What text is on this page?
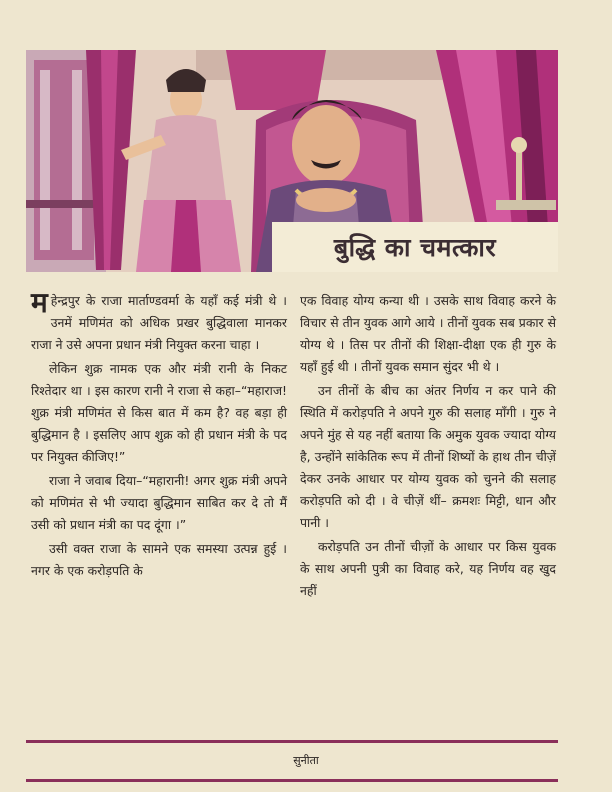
बुद्धि का चमत्कार

महेन्द्रपुर के राजा मार्ताण्डवर्मा के यहाँ कई मंत्री थे । उनमें मणिमंत को अधिक प्रखर बुद्धिवाला मानकर राजा ने उसे अपना प्रधान मंत्री नियुक्त करना चाहा ।

लेकिन शुक्र नामक एक और मंत्री रानी के निकट रिश्तेदार था । इस कारण रानी ने राजा से कहा–“महाराज! शुक्र मंत्री मणिमंत से किस बात में कम है? वह बड़ा ही बुद्धिमान है । इसलिए आप शुक्र को ही प्रधान मंत्री के पद पर नियुक्त कीजिए!”

राजा ने जवाब दिया–“महारानी! अगर शुक्र मंत्री अपने को मणिमंत से भी ज्यादा बुद्धिमान साबित कर दे तो मैं उसी को प्रधान मंत्री का पद दूंगा ।”

उसी वक्त राजा के सामने एक समस्या उत्पन्न हुई । नगर के एक करोड़पति के

एक विवाह योग्य कन्या थी । उसके साथ विवाह करने के विचार से तीन युवक आगे आये । तीनों युवक सब प्रकार से योग्य थे । तिस पर तीनों की शिक्षा-दीक्षा एक ही गुरु के यहाँ हुई थी । तीनों युवक समान सुंदर भी थे ।

उन तीनों के बीच का अंतर निर्णय न कर पाने की स्थिति में करोड़पति ने अपने गुरु की सलाह माँगी । गुरु ने अपने मुंह से यह नहीं बताया कि अमुक युवक ज्यादा योग्य है, उन्होंने सांकेतिक रूप में तीनों शिष्यों के हाथ तीन चीज़ें देकर उनके आधार पर योग्य युवक को चुनने की सलाह करोड़पति को दी । वे चीज़ें थीं– क्रमशः मिट्टी, धान और पानी ।

करोड़पति उन तीनों चीज़ों के आधार पर किस युवक के साथ अपनी पुत्री का विवाह करे, यह निर्णय वह खुद नहीं

सुनीता
